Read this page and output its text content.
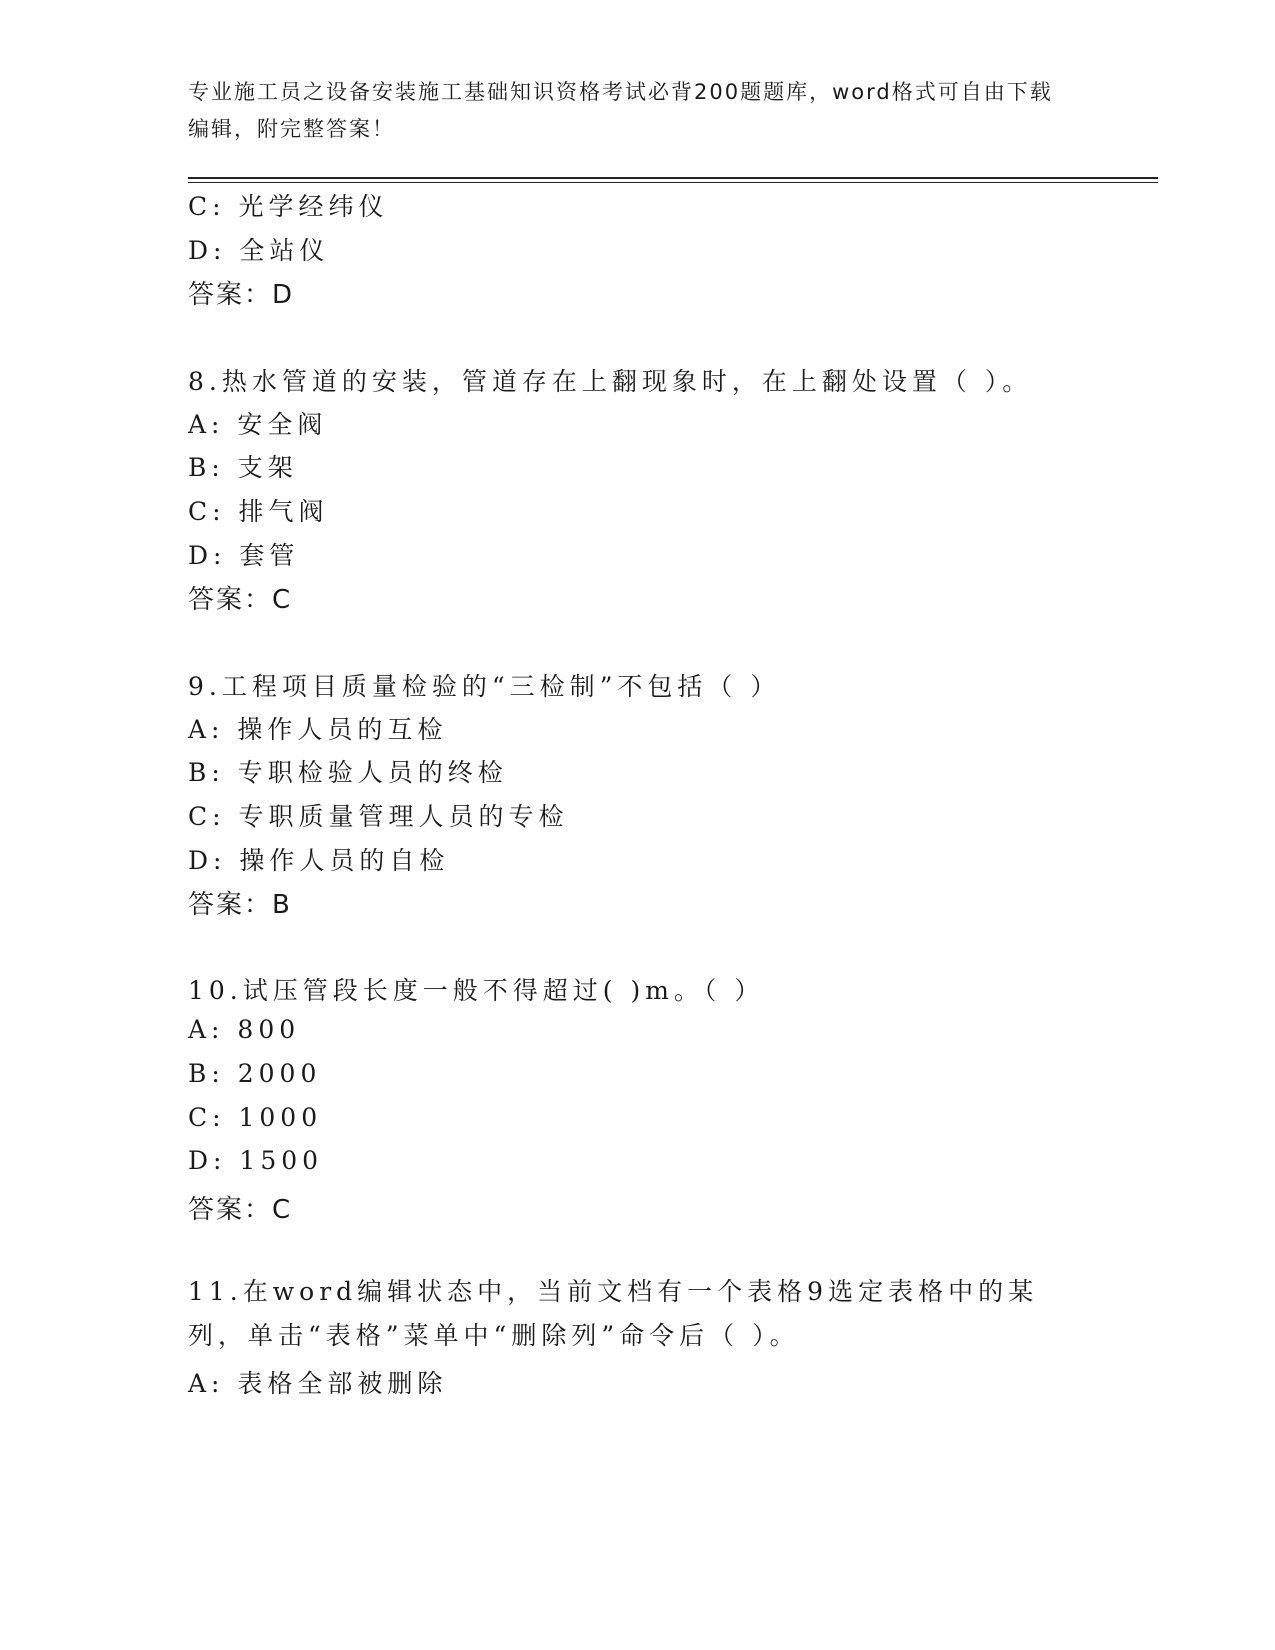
专业施工员之设备安装施工基础知识资格考试必背200题题库，word格式可自由下载编辑，附完整答案！
C: 光学经纬仪
D: 全站仪
答案：D
8.热水管道的安装，管道存在上翻现象时，在上翻处设置（ ）。
A: 安全阀
B: 支架
C: 排气阀
D: 套管
答案：C
9.工程项目质量检验的“三检制”不包括（ ）
A: 操作人员的互检
B: 专职检验人员的终检
C: 专职质量管理人员的专检
D: 操作人员的自检
答案：B
10.试压管段长度一般不得超过( )m。（ ）
A: 800
B: 2000
C: 1000
D: 1500
答案：C
11.在word编辑状态中，当前文档有一个表格9选定表格中的某列，单击“表格”菜单中“删除列”命令后（ ）。
A: 表格全部被删除
